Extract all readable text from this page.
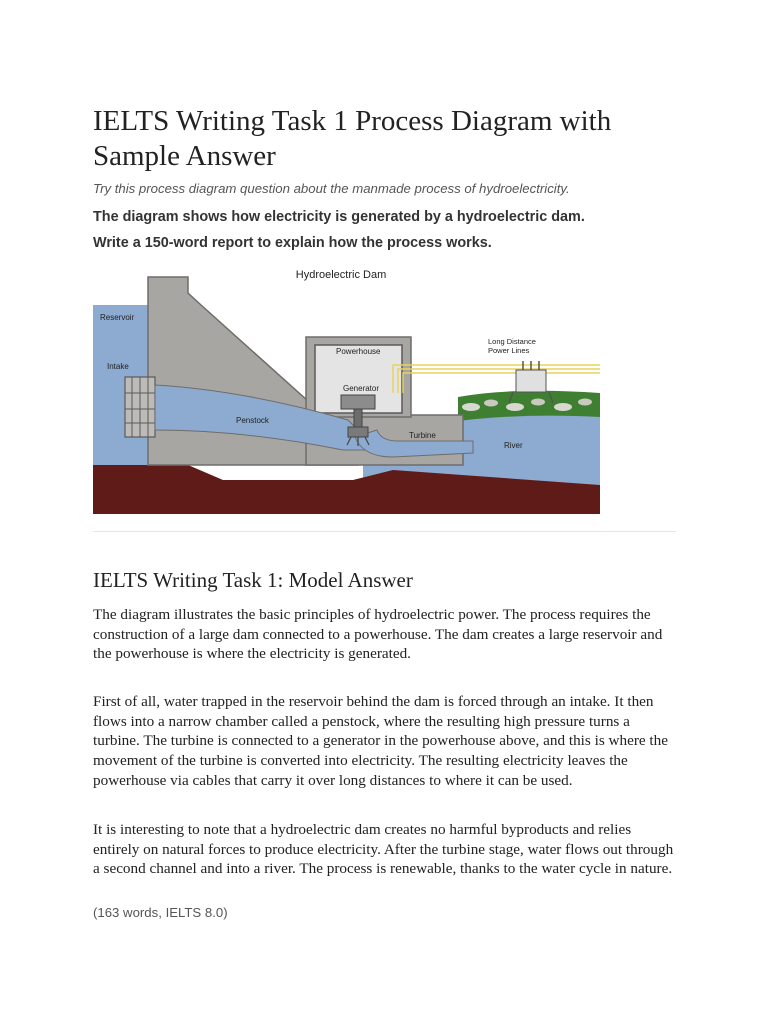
IELTS Writing Task 1 Process Diagram with Sample Answer

Try this process diagram question about the manmade process of hydroelectricity.

The diagram shows how electricity is generated by a hydroelectric dam.

Write a 150-word report to explain how the process works.

Hydroelectric Dam
Reservoir
Intake
Powerhouse
Generator
Penstock
Turbine
Long Distance
Power Lines
River
IELTS Writing Task 1: Model Answer

The diagram illustrates the basic principles of hydroelectric power. The process requires the construction of a large dam connected to a powerhouse. The dam creates a large reservoir and the powerhouse is where the electricity is generated.

First of all, water trapped in the reservoir behind the dam is forced through an intake. It then flows into a narrow chamber called a penstock, where the resulting high pressure turns a turbine. The turbine is connected to a generator in the powerhouse above, and this is where the movement of the turbine is converted into electricity. The resulting electricity leaves the powerhouse via cables that carry it over long distances to where it can be used.

It is interesting to note that a hydroelectric dam creates no harmful byproducts and relies entirely on natural forces to produce electricity. After the turbine stage, water flows out through a second channel and into a river. The process is renewable, thanks to the water cycle in nature.

(163 words, IELTS 8.0)
